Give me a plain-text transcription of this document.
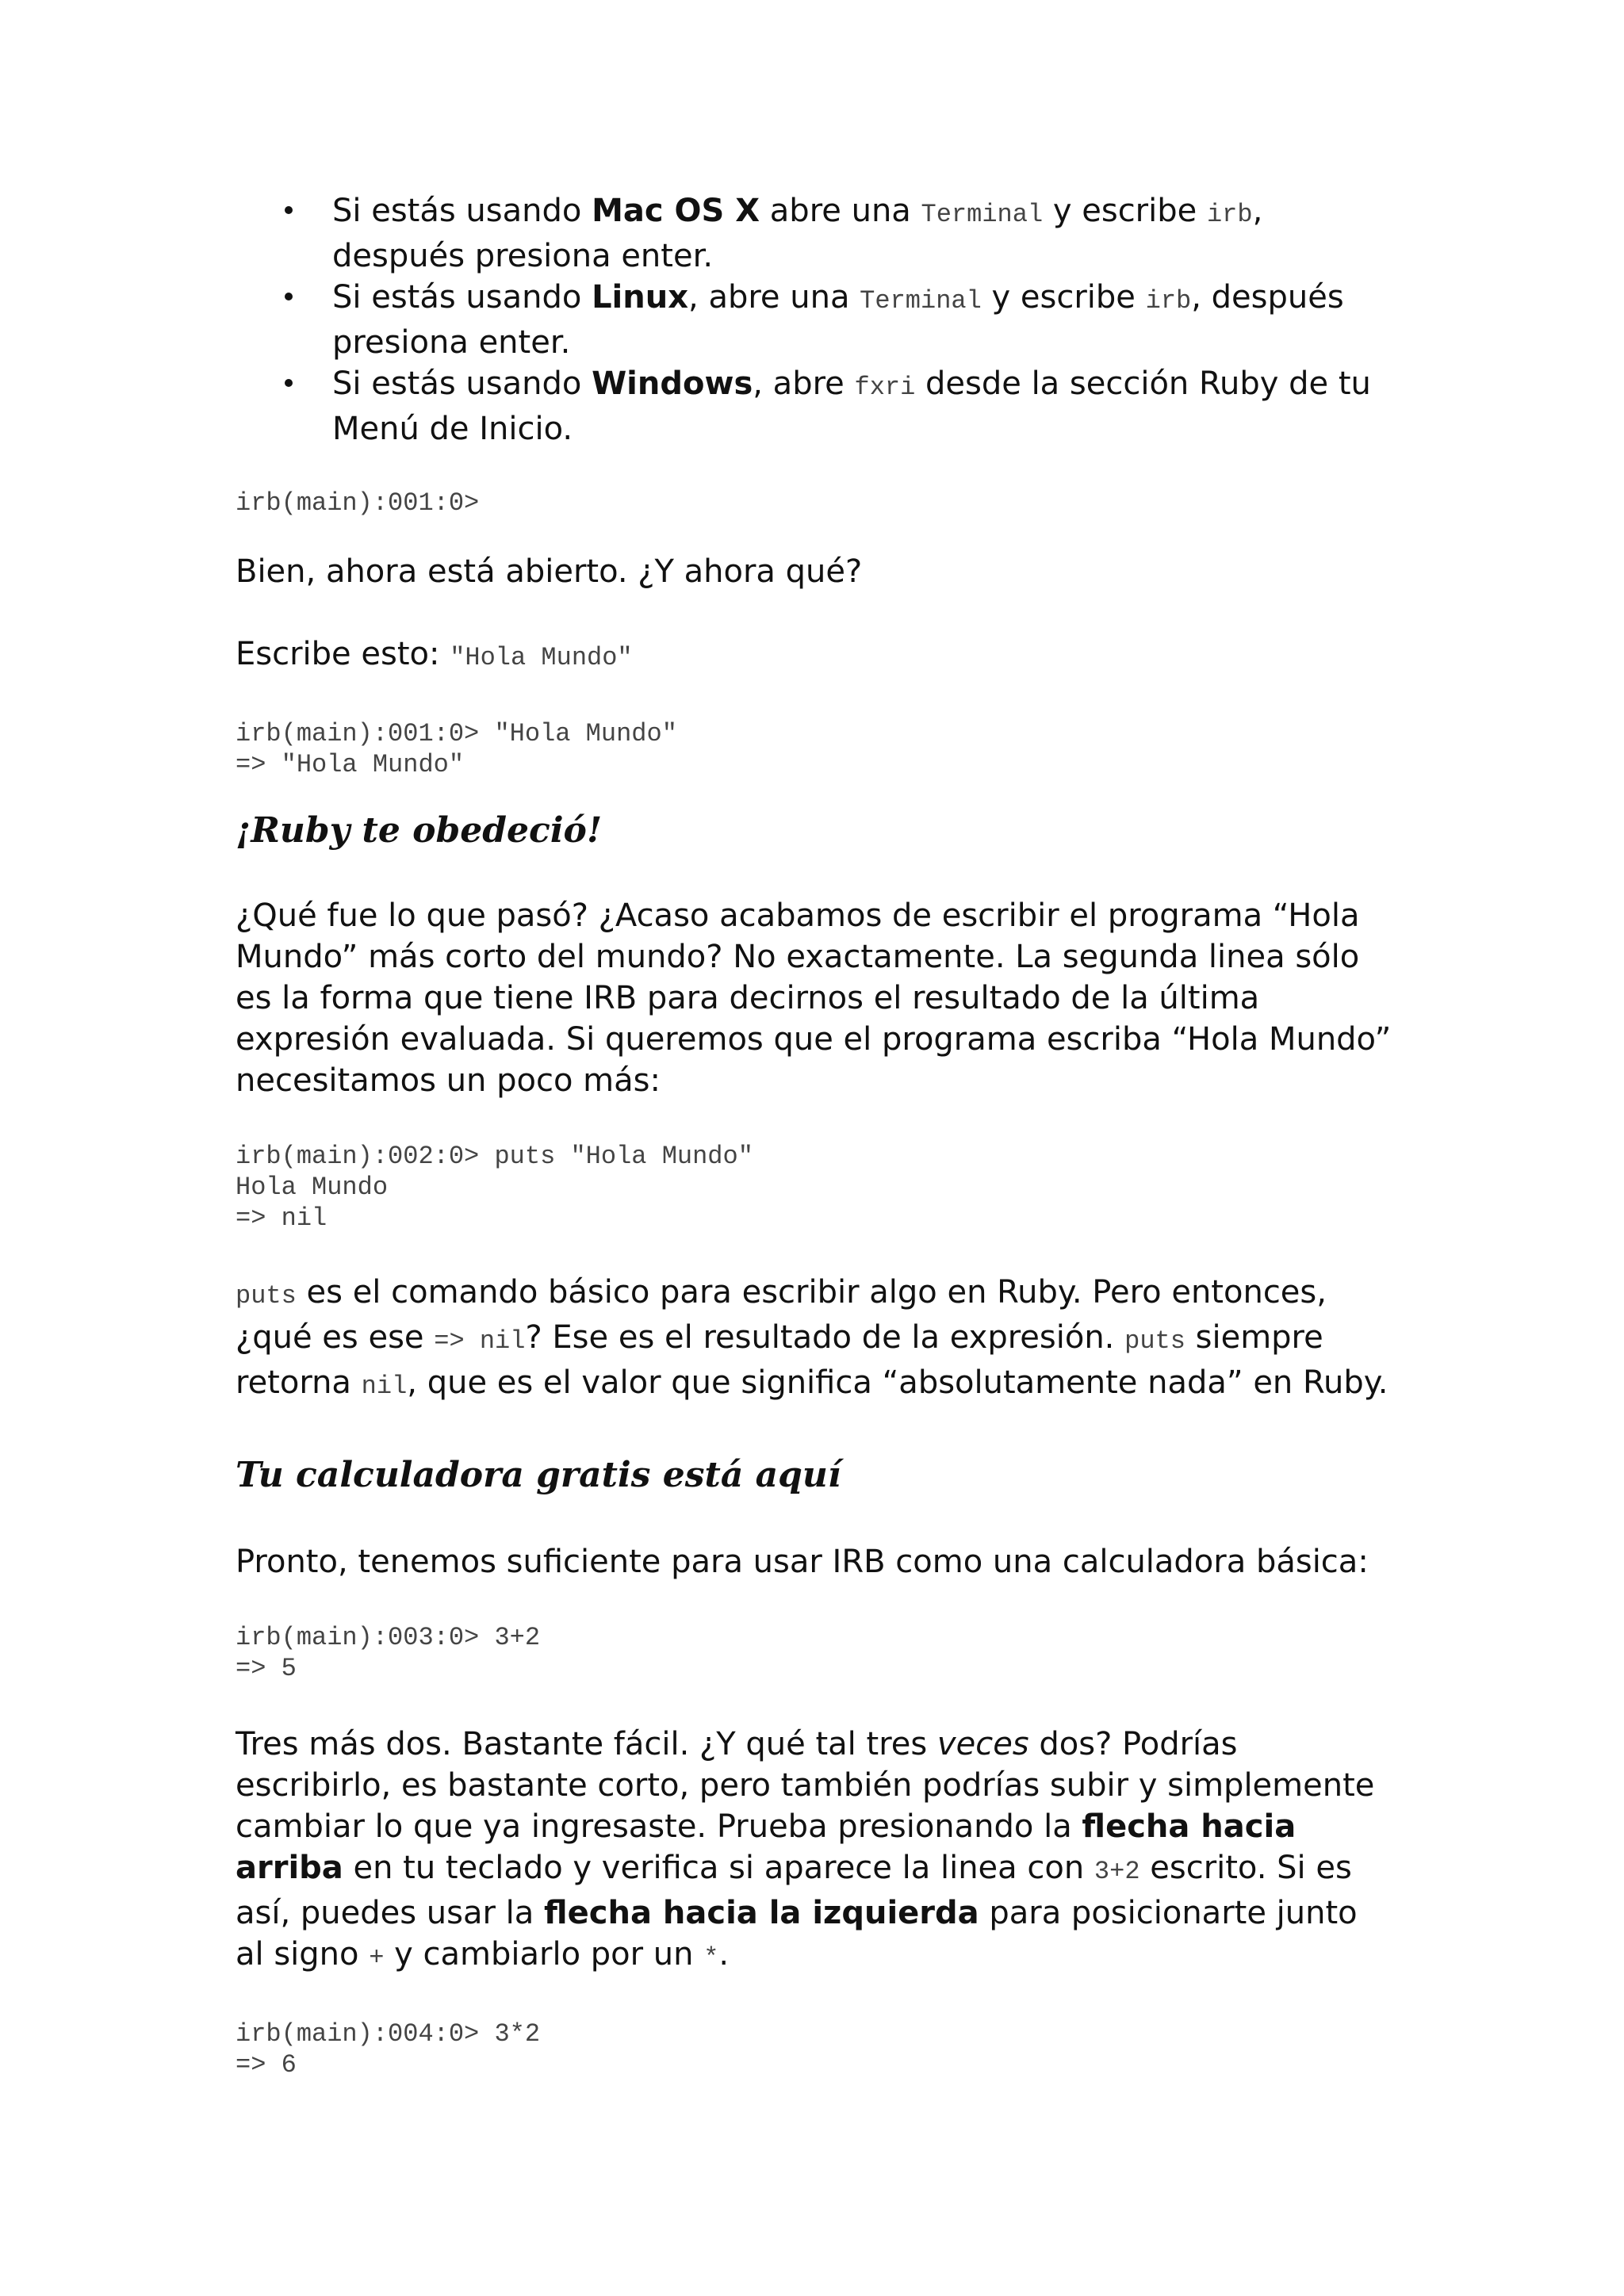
Si estás usando Mac OS X abre una Terminal y escribe irb, después presiona enter.
Si estás usando Linux, abre una Terminal y escribe irb, después presiona enter.
Si estás usando Windows, abre fxri desde la sección Ruby de tu Menú de Inicio.
irb(main):001:0>

Bien, ahora está abierto. ¿Y ahora qué?

Escribe esto: "Hola Mundo"

irb(main):001:0> "Hola Mundo"
=> "Hola Mundo"
¡Ruby te obedeció!

¿Qué fue lo que pasó? ¿Acaso acabamos de escribir el programa “Hola Mundo” más corto del mundo? No exactamente. La segunda linea sólo es la forma que tiene IRB para decirnos el resultado de la última expresión evaluada. Si queremos que el programa escriba “Hola Mundo” necesitamos un poco más:

irb(main):002:0> puts "Hola Mundo"
Hola Mundo
=> nil

puts es el comando básico para escribir algo en Ruby. Pero entonces, ¿qué es ese => nil? Ese es el resultado de la expresión. puts siempre retorna nil, que es el valor que significa “absolutamente nada” en Ruby.

Tu calculadora gratis está aquí

Pronto, tenemos suficiente para usar IRB como una calculadora básica:

irb(main):003:0> 3+2
=> 5

Tres más dos. Bastante fácil. ¿Y qué tal tres veces dos? Podrías escribirlo, es bastante corto, pero también podrías subir y simplemente cambiar lo que ya ingresaste. Prueba presionando la flecha hacia arriba en tu teclado y verifica si aparece la linea con 3+2 escrito. Si es así, puedes usar la flecha hacia la izquierda para posicionarte junto al signo + y cambiarlo por un *.

irb(main):004:0> 3*2
=> 6
